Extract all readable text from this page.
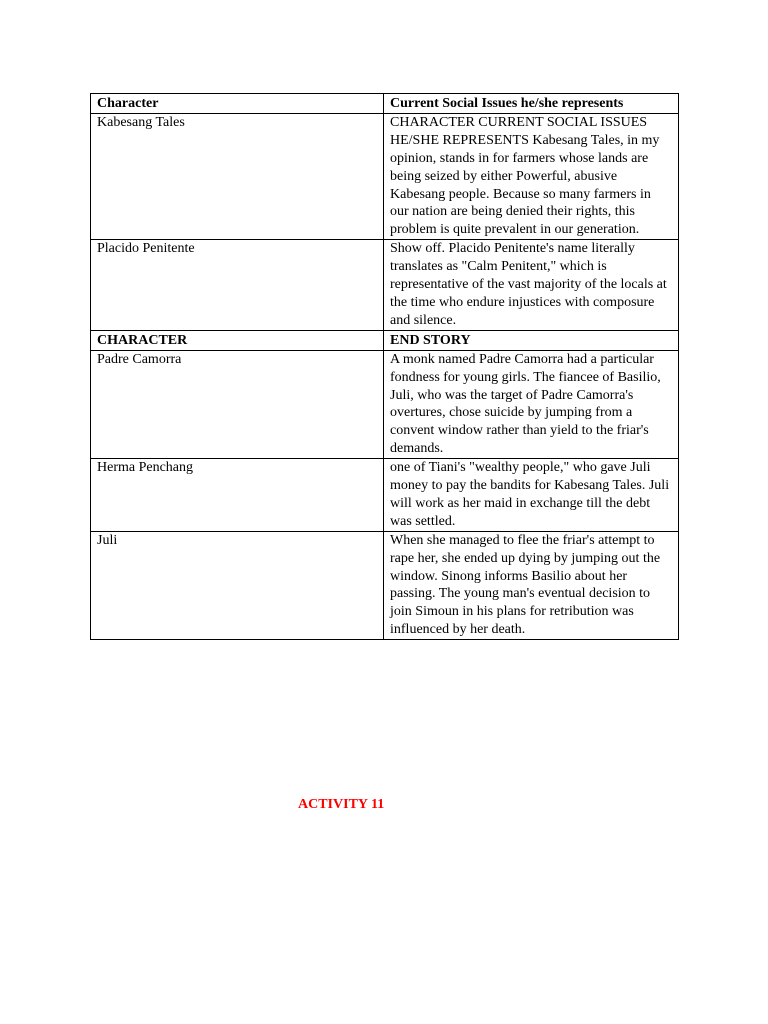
Character	Current Social Issues he/she represents
Kabesang Tales	CHARACTER CURRENT SOCIAL ISSUES HE/SHE REPRESENTS Kabesang Tales, in my opinion, stands in for farmers whose lands are being seized by either Powerful, abusive Kabesang people. Because so many farmers in our nation are being denied their rights, this problem is quite prevalent in our generation.
Placido Penitente	Show off. Placido Penitente's name literally translates as "Calm Penitent," which is representative of the vast majority of the locals at the time who endure injustices with composure and silence.
CHARACTER	END STORY
Padre Camorra	A monk named Padre Camorra had a particular fondness for young girls. The fiancee of Basilio, Juli, who was the target of Padre Camorra's overtures, chose suicide by jumping from a convent window rather than yield to the friar's demands.
Herma Penchang	one of Tiani's "wealthy people," who gave Juli money to pay the bandits for Kabesang Tales. Juli will work as her maid in exchange till the debt was settled.
Juli	When she managed to flee the friar's attempt to rape her, she ended up dying by jumping out the window. Sinong informs Basilio about her passing. The young man's eventual decision to join Simoun in his plans for retribution was influenced by her death.
ACTIVITY 11
